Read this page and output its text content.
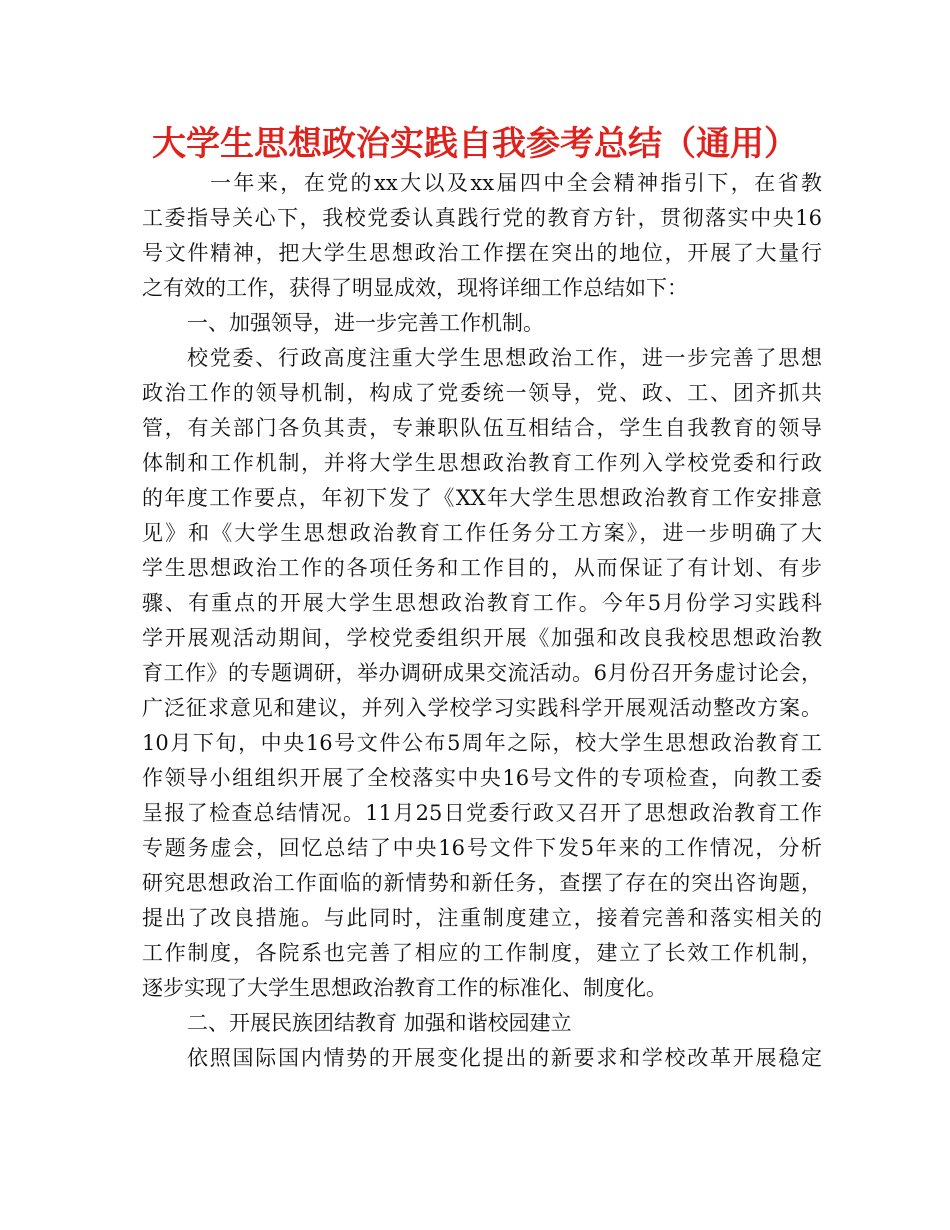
大学生思想政治实践自我参考总结（通用）
一年来，在党的xx大以及xx届四中全会精神指引下，在省教
工委指导关心下，我校党委认真践行党的教育方针，贯彻落实中央16
号文件精神，把大学生思想政治工作摆在突出的地位，开展了大量行
之有效的工作，获得了明显成效，现将详细工作总结如下：
一、加强领导，进一步完善工作机制。
校党委、行政高度注重大学生思想政治工作，进一步完善了思想
政治工作的领导机制，构成了党委统一领导，党、政、工、团齐抓共
管，有关部门各负其责，专兼职队伍互相结合，学生自我教育的领导
体制和工作机制，并将大学生思想政治教育工作列入学校党委和行政
的年度工作要点，年初下发了《XX年大学生思想政治教育工作安排意
见》和《大学生思想政治教育工作任务分工方案》，进一步明确了大
学生思想政治工作的各项任务和工作目的，从而保证了有计划、有步
骤、有重点的开展大学生思想政治教育工作。今年5月份学习实践科
学开展观活动期间，学校党委组织开展《加强和改良我校思想政治教
育工作》的专题调研，举办调研成果交流活动。6月份召开务虚讨论会，
广泛征求意见和建议，并列入学校学习实践科学开展观活动整改方案。
10月下旬，中央16号文件公布5周年之际，校大学生思想政治教育工
作领导小组组织开展了全校落实中央16号文件的专项检查，向教工委
呈报了检查总结情况。11月25日党委行政又召开了思想政治教育工作
专题务虚会，回忆总结了中央16号文件下发5年来的工作情况，分析
研究思想政治工作面临的新情势和新任务，查摆了存在的突出咨询题，
提出了改良措施。与此同时，注重制度建立，接着完善和落实相关的
工作制度，各院系也完善了相应的工作制度，建立了长效工作机制，
逐步实现了大学生思想政治教育工作的标准化、制度化。
二、开展民族团结教育 加强和谐校园建立
依照国际国内情势的开展变化提出的新要求和学校改革开展稳定
